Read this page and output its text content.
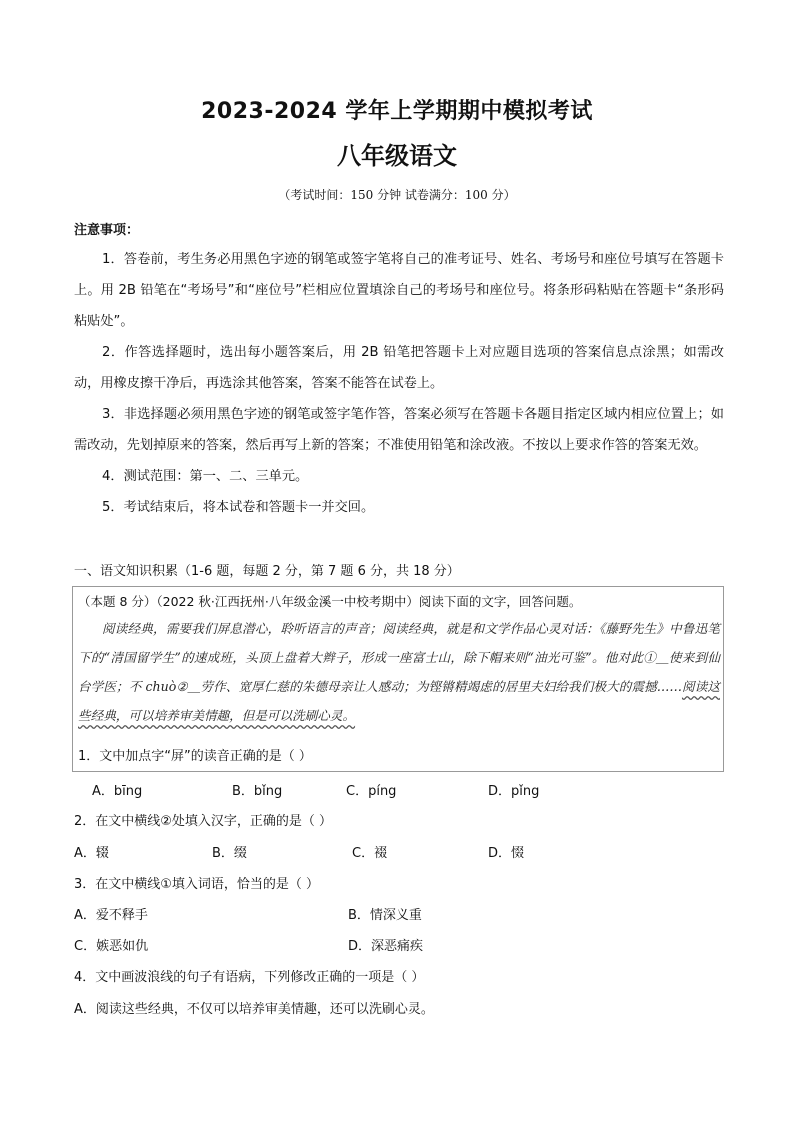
2023-2024 学年上学期期中模拟考试
八年级语文
（考试时间：150 分钟 试卷满分：100 分）
注意事项：

1．答卷前，考生务必用黑色字迹的钢笔或签字笔将自己的准考证号、姓名、考场号和座位号填写在答题卡上。用 2B 铅笔在“考场号”和“座位号”栏相应位置填涂自己的考场号和座位号。将条形码粘贴在答题卡“条形码粘贴处”。

2．作答选择题时，选出每小题答案后，用 2B 铅笔把答题卡上对应题目选项的答案信息点涂黑；如需改动，用橡皮擦干净后，再选涂其他答案，答案不能答在试卷上。

3．非选择题必须用黑色字迹的钢笔或签字笔作答，答案必须写在答题卡各题目指定区域内相应位置上；如需改动，先划掉原来的答案，然后再写上新的答案；不准使用铅笔和涂改液。不按以上要求作答的答案无效。

4．测试范围：第一、二、三单元。

5．考试结束后，将本试卷和答题卡一并交回。

一、语文知识积累（1-6 题，每题 2 分，第 7 题 6 分，共 18 分）
（本题 8 分）（2022 秋·江西抚州·八年级金溪一中校考期中）阅读下面的文字，回答问题。

阅读经典，需要我们屏息潜心，聆听语言的声音；阅读经典，就是和文学作品心灵对话：《藤野先生》中鲁迅笔下的“清国留学生”的速成班，头顶上盘着大辫子，形成一座富士山，除下帽来则“油光可鉴”。他对此①＿使来到仙台学医；不 chuò②＿劳作、宽厚仁慈的朱德母亲让人感动；为铿锵精竭虑的居里夫妇给我们极大的震撼……阅读这些经典，可以培养审美情趣，但是可以洗刷心灵。

1．文中加点字“屏”的读音正确的是（ ）
A．bīng	B．bǐng	C．píng	D．pǐng
2．在文中横线②处填入汉字，正确的是（ ）
A．辍	B．缀	C．裰	D．惙
3．在文中横线①填入词语，恰当的是（ ）
A．爱不释手	B．情深义重
C．嫉恶如仇	D．深恶痛疾
4．文中画波浪线的句子有语病，下列修改正确的一项是（ ）
A．阅读这些经典，不仅可以培养审美情趣，还可以洗刷心灵。
